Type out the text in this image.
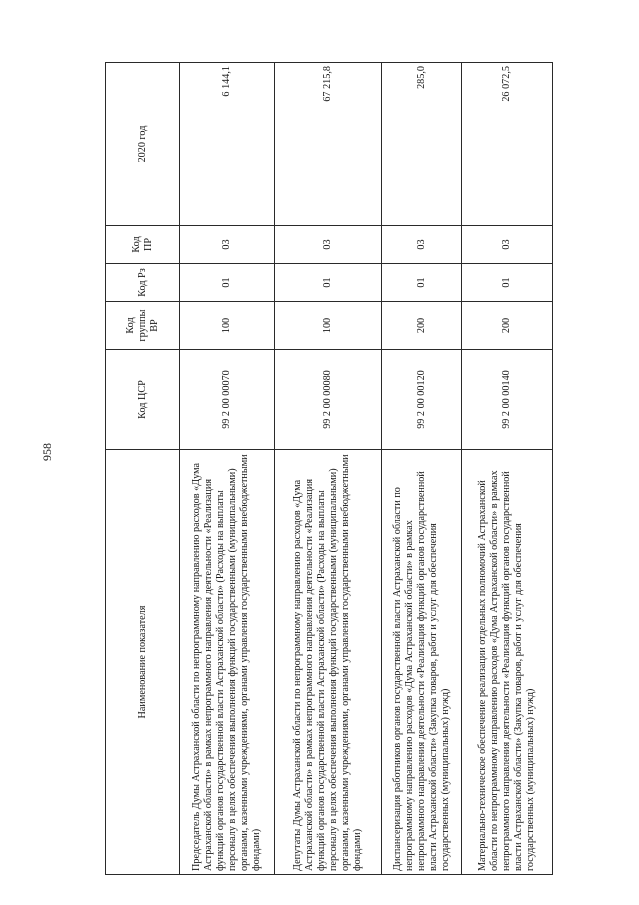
958
Наименование показателя	Код ЦСР	Код группы ВР	Код Рз	Код ПР	2020 год
Председатель Думы Астраханской области по непрограммному направлению расходов «Дума Астраханской области» в рамках непрограммного направления деятельности «Реализация функций органов государственной власти Астраханской области» (Расходы на выплаты персоналу в целях обеспечения выполнения функций государственными (муниципальными) органами, казенными учреждениями, органами управления государственными внебюджетными фондами)	99 2 00 00070	100	01	03	6 144,1
Депутаты Думы Астраханской области по непрограммному направлению расходов «Дума Астраханской области» в рамках непрограммного направления деятельности «Реализация функций органов государственной власти Астраханской области» (Расходы на выплаты персоналу в целях обеспечения выполнения функций государственными (муниципальными) органами, казенными учреждениями, органами управления государственными внебюджетными фондами)	99 2 00 00080	100	01	03	67 215,8
Диспансеризация работников органов государственной власти Астраханской области по непрограммному направлению расходов «Дума Астраханской области» в рамках непрограммного направления деятельности «Реализация функций органов государственной власти Астраханской области» (Закупка товаров, работ и услуг для обеспечения государственных (муниципальных) нужд)	99 2 00 00120	200	01	03	285,0
Материально-техническое обеспечение реализации отдельных полномочий Астраханской области по непрограммному направлению расходов «Дума Астраханской области» в рамках непрограммного направления деятельности «Реализация функций органов государственной власти Астраханской области» (Закупка товаров, работ и услуг для обеспечения государственных (муниципальных) нужд)	99 2 00 00140	200	01	03	26 072,5
